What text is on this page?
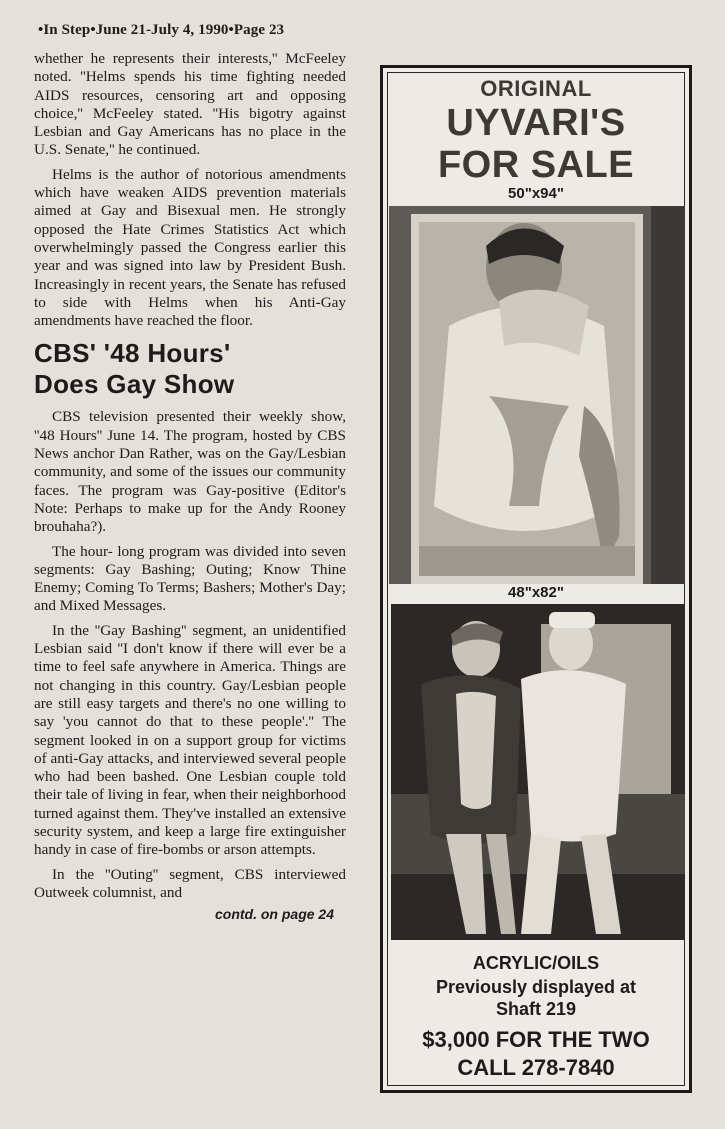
•In Step•June 21-July 4, 1990•Page 23

whether he represents their interests,'' McFeeley noted. ''Helms spends his time fighting needed AIDS resources, censoring art and opposing choice,'' McFeeley stated. ''His bigotry against Lesbian and Gay Americans has no place in the U.S. Senate,'' he continued.

Helms is the author of notorious amendments which have weaken AIDS prevention materials aimed at Gay and Bisexual men. He strongly opposed the Hate Crimes Statistics Act which overwhelmingly passed the Congress earlier this year and was signed into law by President Bush. Increasingly in recent years, the Senate has refused to side with Helms when his Anti-Gay amendments have reached the floor.

CBS' '48 Hours'
Does Gay Show

CBS television presented their weekly show, ''48 Hours'' June 14. The program, hosted by CBS News anchor Dan Rather, was on the Gay/Lesbian community, and some of the issues our community faces. The program was Gay-positive (Editor's Note: Perhaps to make up for the Andy Rooney brouhaha?).

The hour- long program was divided into seven segments: Gay Bashing; Outing; Know Thine Enemy; Coming To Terms; Bashers; Mother's Day; and Mixed Messages.

In the ''Gay Bashing'' segment, an unidentified Lesbian said ''I don't know if there will ever be a time to feel safe anywhere in America. Things are not changing in this country. Gay/Lesbian people are still easy targets and there's no one willing to say 'you cannot do that to these people'.'' The segment looked in on a support group for victims of anti-Gay attacks, and interviewed several people who had been bashed. One Lesbian couple told their tale of living in fear, when their neighborhood turned against them. They've installed an extensive security system, and keep a large fire extinguisher handy in case of fire-bombs or arson attempts.

In the ''Outing'' segment, CBS interviewed Outweek columnist, and

contd. on page 24
ORIGINAL
UYVARI'S
FOR SALE
50"x94"
48"x82"
ACRYLIC/OILS
Previously displayed at
Shaft 219
$3,000 FOR THE TWO
CALL 278-7840
